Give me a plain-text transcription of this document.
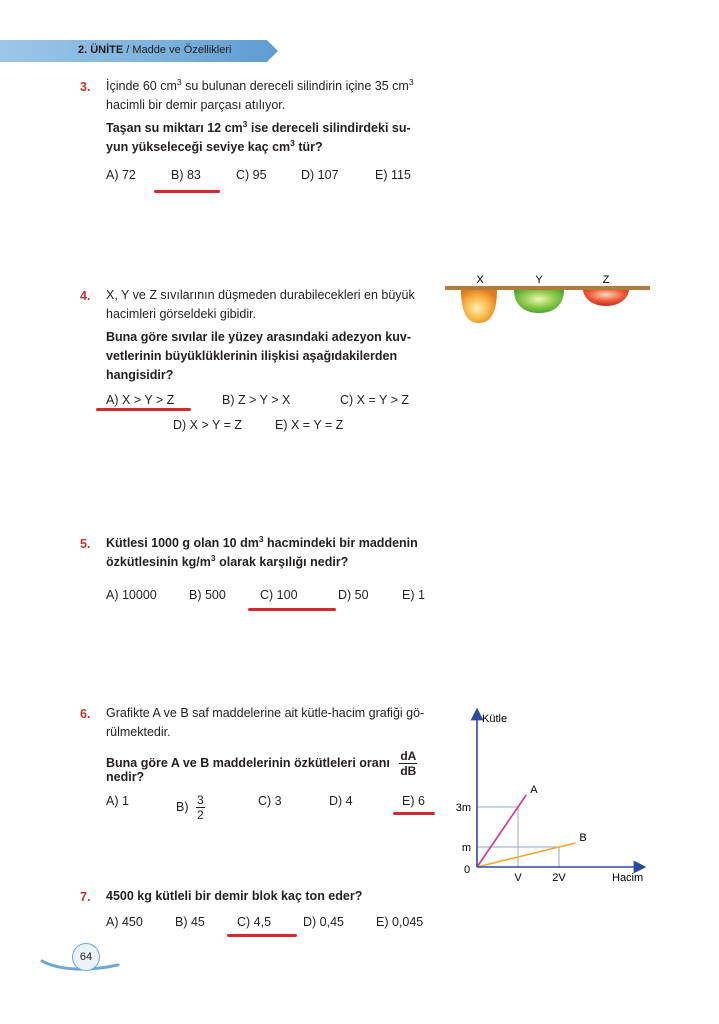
2. ÜNİTE / Madde ve Özellikleri
3. İçinde 60 $cm^3$ su bulunan dereceli silindirin içine 35 $cm^3$
hacimli bir demir parçası atılıyor.
Taşan su miktarı 12 $cm^3$ ise dereceli silindirdeki su-
yun yükseleceği seviye kaç $cm^3$ tür?
A) 72	B) 83	C) 95	D) 107	E) 115
4. X, Y ve Z sıvılarının düşmeden durabilecekleri en büyük
hacimleri görseldeki gibidir.
Buna göre sıvılar ile yüzey arasındaki adezyon kuv-
vetlerinin büyüklüklerinin ilişkisi aşağıdakilerden
hangisidir?
A) X > Y > Z	B) Z > Y > X	C) X = Y > Z
D) X > Y = Z	E) X = Y = Z
X	Y	Z
5. Kütlesi 1000 g olan 10 $dm^3$ hacmindeki bir maddenin
özkütlesinin $kg/m^3$ olarak karşılığı nedir?
A) 10000	B) 500	C) 100	D) 50	E) 1
6. Grafikte A ve B saf maddelerine ait kütle-hacim grafiği gö-
rülmektedir.
Buna göre A ve B maddelerinin özkütleleri oranı $\frac{dA}{dB}$
nedir?
A) 1	$B) \frac{3}{2}$	C) 3	D) 4	E) 6
A
B
Kütle
Hacim
0
V	2V
m
3m
7. 4500 kg kütleli bir demir blok kaç ton eder?
A) 450	B) 45	C) 4,5	D) 0,45	E) 0,045
64
